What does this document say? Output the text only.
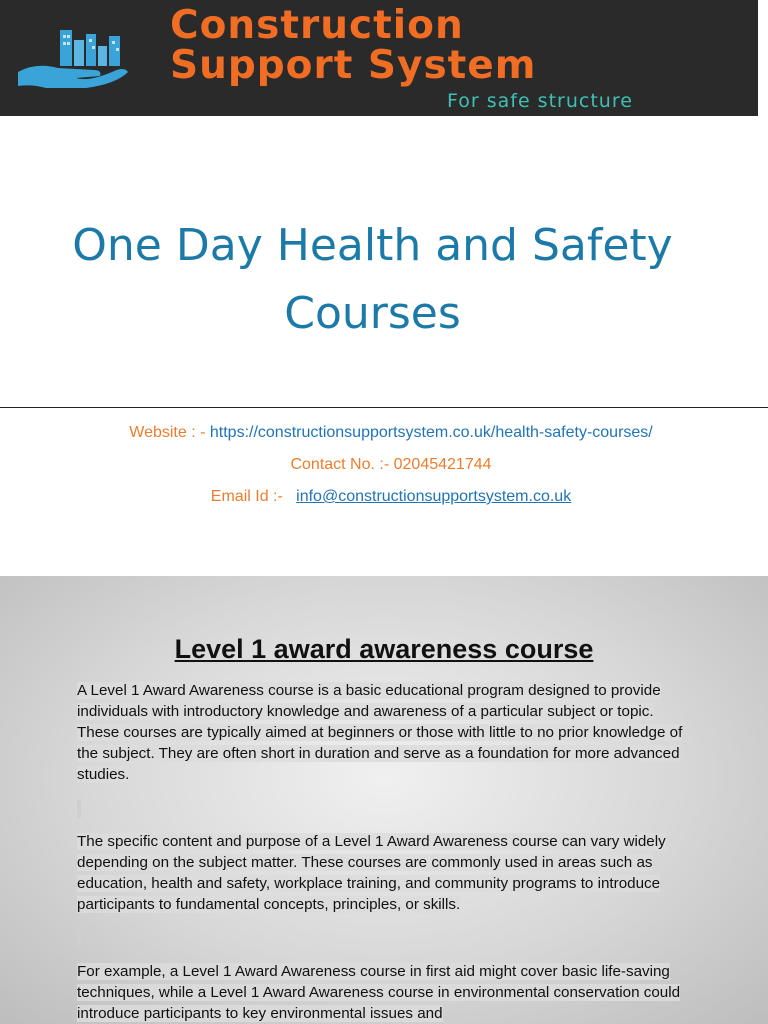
Construction
Support System
For safe structure
One Day Health and Safety
Courses
Website : - https://constructionsupportsystem.co.uk/health-safety-courses/
Contact No. :- 02045421744
Email Id :-   info@constructionsupportsystem.co.uk
Level 1 award awareness course
A Level 1 Award Awareness course is a basic educational program designed to provide individuals with introductory knowledge and awareness of a particular subject or topic. These courses are typically aimed at beginners or those with little to no prior knowledge of the subject. They are often short in duration and serve as a foundation for more advanced studies.
The specific content and purpose of a Level 1 Award Awareness course can vary widely depending on the subject matter. These courses are commonly used in areas such as education, health and safety, workplace training, and community programs to introduce participants to fundamental concepts, principles, or skills.
For example, a Level 1 Award Awareness course in first aid might cover basic life-saving techniques, while a Level 1 Award Awareness course in environmental conservation could introduce participants to key environmental issues and
